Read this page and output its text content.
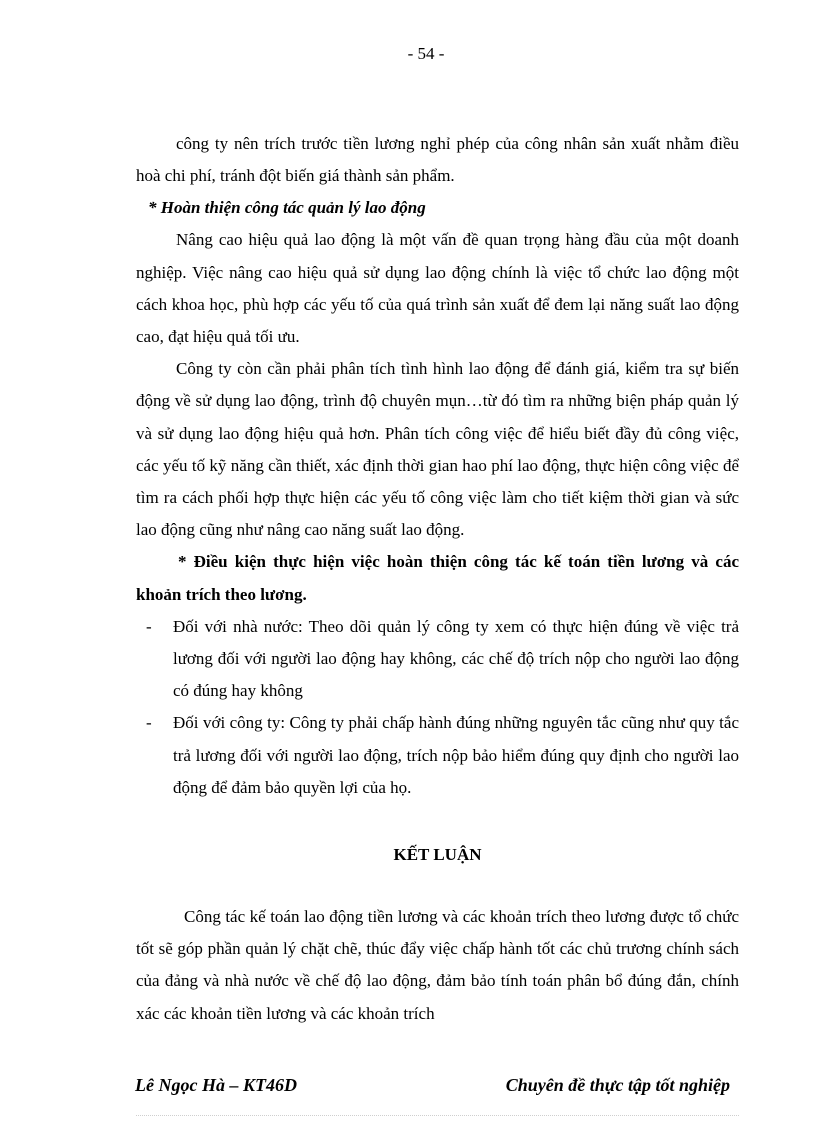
- 54 -

công ty nên trích trước tiền lương nghỉ phép của công nhân sản xuất nhằm điều hoà chi phí, tránh đột biến giá thành sản phẩm.

* Hoàn thiện công tác quản lý lao động

Nâng cao hiệu quả lao động là một vấn đề quan trọng hàng đầu của một doanh nghiệp. Việc nâng cao hiệu quả sử dụng lao động chính là việc tổ chức lao động một cách khoa học, phù hợp các yếu tố của quá trình sản xuất để đem lại năng suất lao động cao, đạt hiệu quả tối ưu.

Công ty còn cần phải phân tích tình hình lao động để đánh giá, kiểm tra sự biến động về sử dụng lao động, trình độ chuyên mụn…từ đó tìm ra những biện pháp quản lý và sử dụng lao động hiệu quả hơn. Phân tích công việc để hiểu biết đầy đủ công việc, các yếu tố kỹ năng cần thiết, xác định thời gian hao phí lao động, thực hiện công việc để tìm ra cách phối hợp thực hiện các yếu tố công việc làm cho tiết kiệm thời gian và sức lao động cũng như nâng cao năng suất lao động.

* Điều kiện thực hiện việc hoàn thiện công tác kế toán tiền lương và các khoản trích theo lương.

- Đối với nhà nước: Theo dõi quản lý công ty xem có thực hiện đúng về việc trả lương đối với người lao động hay không, các chế độ trích nộp cho người lao động có đúng hay không
- Đối với công ty: Công ty phải chấp hành đúng những nguyên tắc cũng như quy tắc trả lương đối với người lao động, trích nộp bảo hiểm đúng quy định cho người lao động để đảm bảo quyền lợi của họ.
KẾT LUẬN

Công tác kế toán lao động tiền lương và các khoản trích theo lương được tổ chức tốt sẽ góp phần quản lý chặt chẽ, thúc đẩy việc chấp hành tốt các chủ trương chính sách của đảng và nhà nước về chế độ lao động, đảm bảo tính toán phân bổ đúng đắn, chính xác các khoản tiền lương và các khoản trích

Lê Ngọc Hà – KT46D	Chuyên đề thực tập tốt nghiệp
